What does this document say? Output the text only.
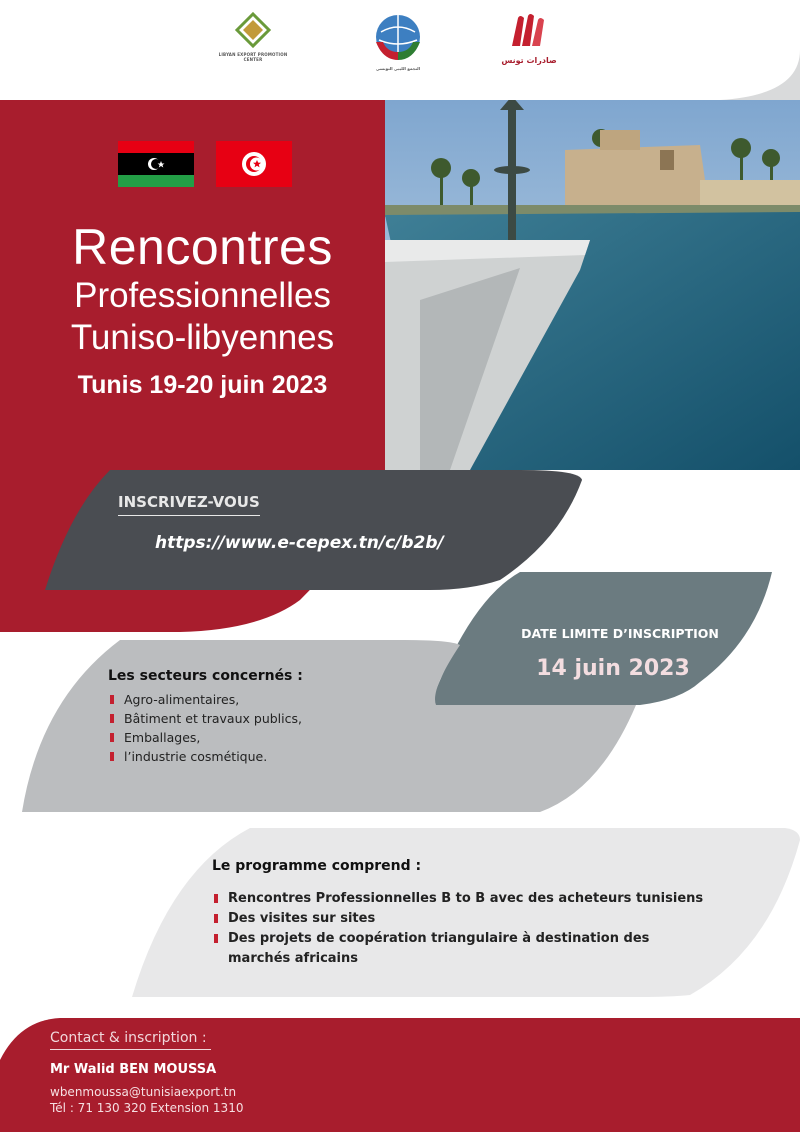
LIBYAN EXPORT PROMOTION CENTER
التجمع الليبي التونسي
صادرات تونس
Rencontres
Professionnelles
Tuniso-libyennes
Tunis 19-20 juin 2023
INSCRIVEZ-VOUS
https://www.e-cepex.tn/c/b2b/
DATE LIMITE D’INSCRIPTION
14 juin 2023
Les secteurs concernés :
Agro-alimentaires,
Bâtiment et travaux publics,
Emballages,
l’industrie cosmétique.
Le programme comprend :
Rencontres Professionnelles B to B avec des acheteurs tunisiens
Des visites sur sites
Des projets de coopération triangulaire à destination des marchés africains
Contact & inscription :
Mr Walid BEN MOUSSA
wbenmoussa@tunisiaexport.tn
Tél : 71 130 320 Extension 1310
